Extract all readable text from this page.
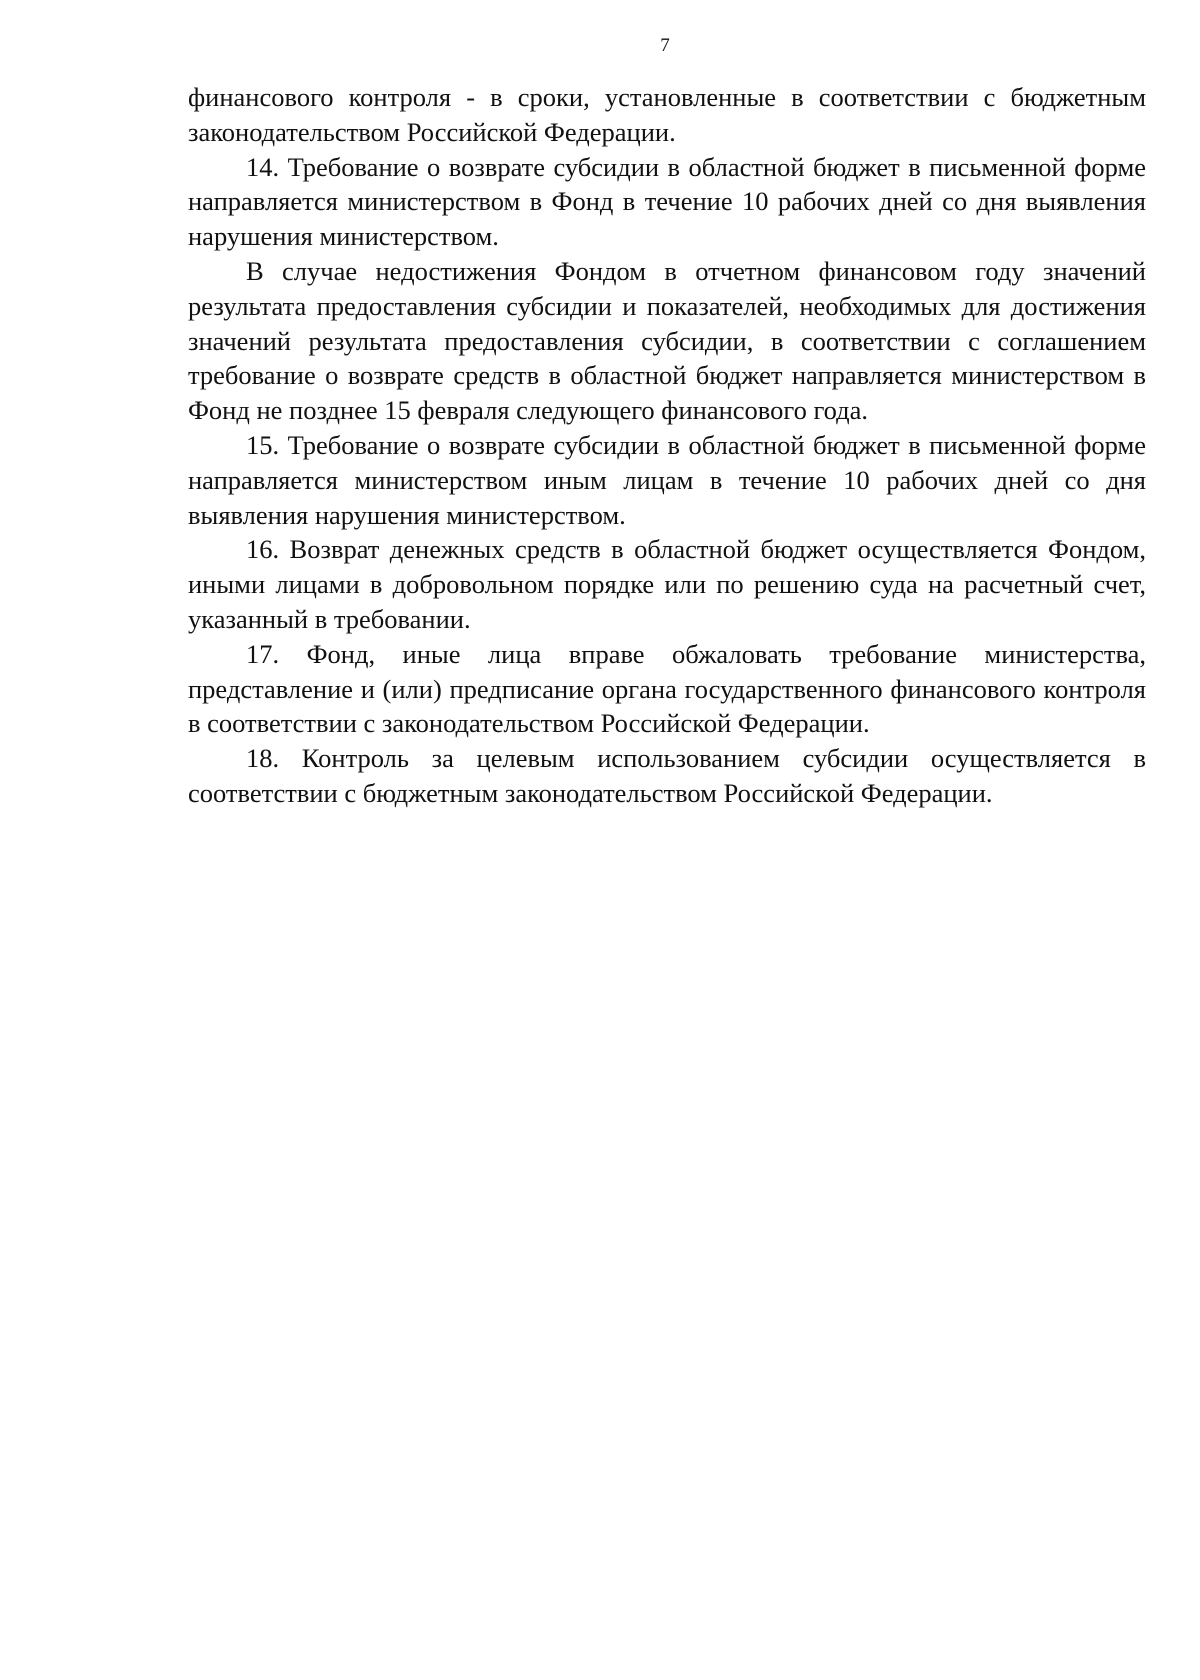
7

финансового контроля - в сроки, установленные в соответствии с бюджетным законодательством Российской Федерации.

14. Требование о возврате субсидии в областной бюджет в письменной форме направляется министерством в Фонд в течение 10 рабочих дней со дня выявления нарушения министерством.

В случае недостижения Фондом в отчетном финансовом году значений результата предоставления субсидии и показателей, необходимых для достижения значений результата предоставления субсидии, в соответствии с соглашением требование о возврате средств в областной бюджет направляется министерством в Фонд не позднее 15 февраля следующего финансового года.

15. Требование о возврате субсидии в областной бюджет в письменной форме направляется министерством иным лицам в течение 10 рабочих дней со дня выявления нарушения министерством.

16. Возврат денежных средств в областной бюджет осуществляется Фондом, иными лицами в добровольном порядке или по решению суда на расчетный счет, указанный в требовании.

17. Фонд, иные лица вправе обжаловать требование министерства, представление и (или) предписание органа государственного финансового контроля в соответствии с законодательством Российской Федерации.

18. Контроль за целевым использованием субсидии осуществляется в соответствии с бюджетным законодательством Российской Федерации.
